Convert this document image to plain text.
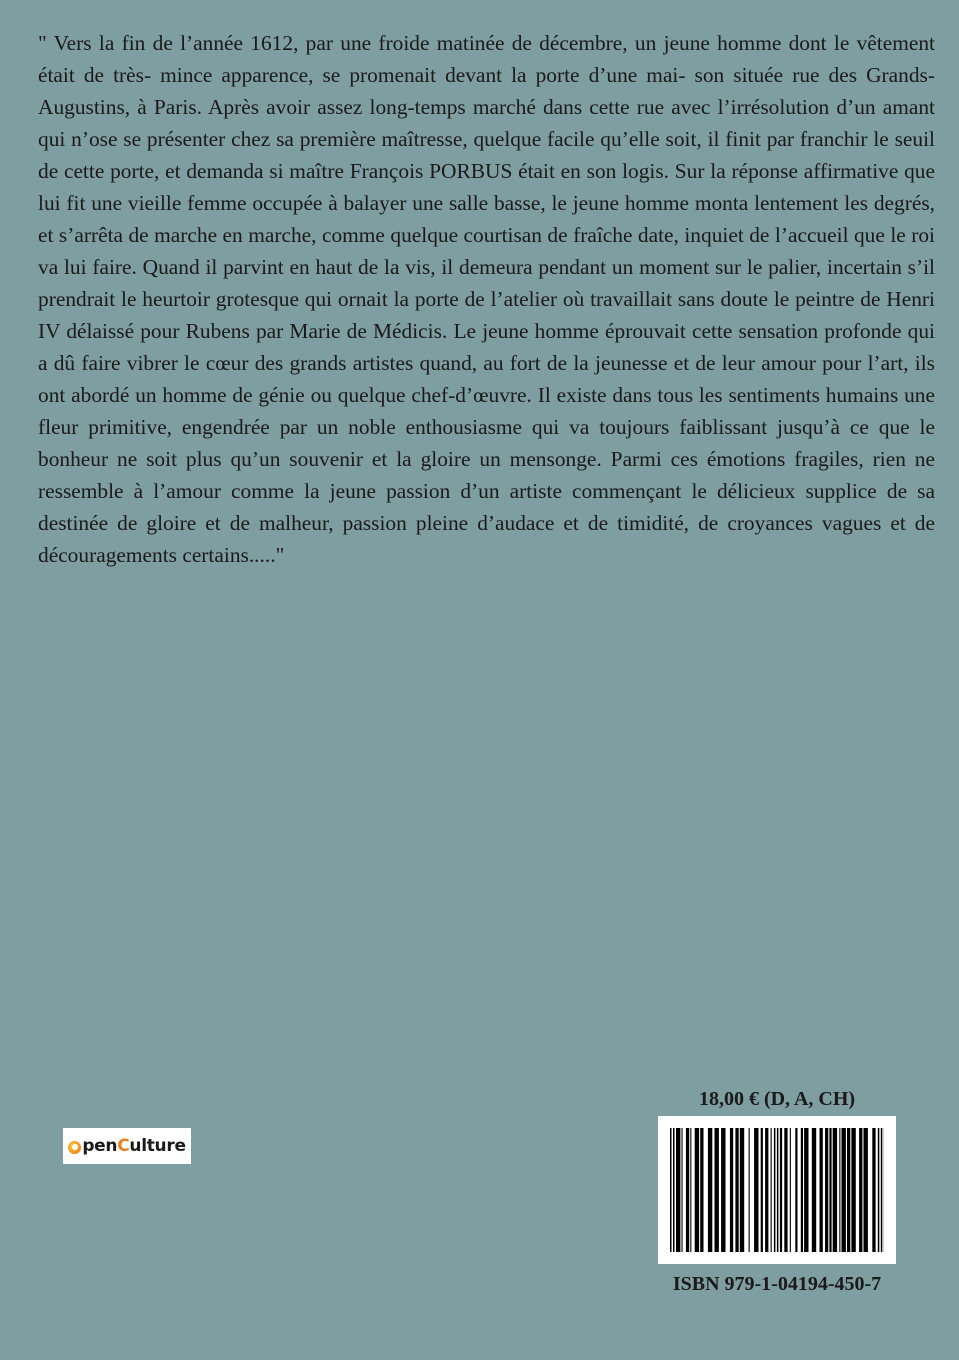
" Vers la fin de l’année 1612, par une froide matinée de décembre, un jeune homme dont le vêtement était de très- mince apparence, se promenait devant la porte d’une mai- son située rue des Grands-Augustins, à Paris. Après avoir assez long-temps marché dans cette rue avec l’irrésolution d’un amant qui n’ose se présenter chez sa première maîtresse, quelque facile qu’elle soit, il finit par franchir le seuil de cette porte, et demanda si maître François PORBUS était en son logis. Sur la réponse affirmative que lui fit une vieille femme occupée à balayer une salle basse, le jeune homme monta lentement les degrés, et s’arrêta de marche en marche, comme quelque courtisan de fraîche date, inquiet de l’accueil que le roi va lui faire. Quand il parvint en haut de la vis, il demeura pendant un moment sur le palier, incertain s’il prendrait le heurtoir grotesque qui ornait la porte de l’atelier où travaillait sans doute le peintre de Henri IV délaissé pour Rubens par Marie de Médicis. Le jeune homme éprouvait cette sensation profonde qui a dû faire vibrer le cœur des grands artistes quand, au fort de la jeunesse et de leur amour pour l’art, ils ont abordé un homme de génie ou quelque chef-d’œuvre. Il existe dans tous les sentiments humains une fleur primitive, engendrée par un noble enthousiasme qui va toujours faiblissant jusqu’à ce que le bonheur ne soit plus qu’un souvenir et la gloire un mensonge. Parmi ces émotions fragiles, rien ne ressemble à l’amour comme la jeune passion d’un artiste commençant le délicieux supplice de sa destinée de gloire et de malheur, passion pleine d’audace et de timidité, de croyances vagues et de découragements certains....."

penCulture
18,00 € (D, A, CH)
ISBN 979-1-04194-450-7
